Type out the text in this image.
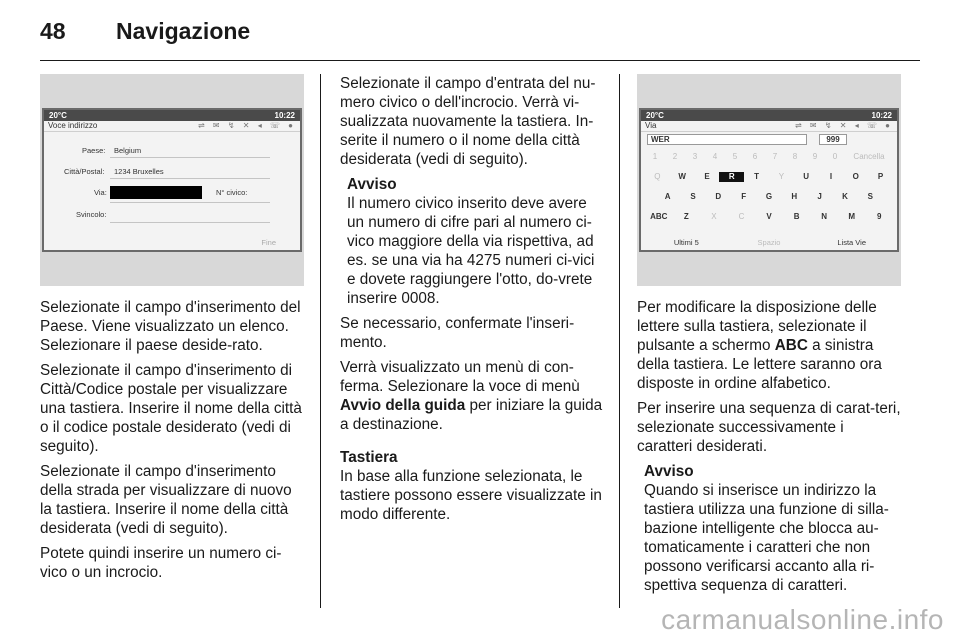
48	Navigazione
20°C	10:22
Voce indirizzo	⇌ ✉ ↯ ✕ ◂ ☏ ●
Paese: Belgium
Città/Postal: 1234 Bruxelles
Via:	N° civico:
Svincolo:
Fine

Selezionate il campo d'inserimento del Paese. Viene visualizzato un elenco. Selezionare il paese deside-rato.

Selezionate il campo d'inserimento di Città/Codice postale per visualizzare una tastiera. Inserire il nome della città o il codice postale desiderato (vedi di seguito).

Selezionate il campo d'inserimento della strada per visualizzare di nuovo la tastiera. Inserire il nome della città desiderata (vedi di seguito).

Potete quindi inserire un numero ci-vico o un incrocio.

Selezionate il campo d'entrata del nu-mero civico o dell'incrocio. Verrà vi-sualizzata nuovamente la tastiera. In-serite il numero o il nome della città desiderata (vedi di seguito).

Avviso
Il numero civico inserito deve avere un numero di cifre pari al numero ci-vico maggiore della via rispettiva, ad es. se una via ha 4275 numeri ci-vici e dovete raggiungere l'otto, do-vrete inserire 0008.

Se necessario, confermate l'inseri-mento.

Verrà visualizzato un menù di con-ferma. Selezionare la voce di menù Avvio della guida per iniziare la guida a destinazione.

Tastiera

In base alla funzione selezionata, le tastiere possono essere visualizzate in modo differente.

20°C	10:22
Via	⇌ ✉ ↯ ✕ ◂ ☏ ●
WER	999
1	2	3	4	5	6	7	8	9	0	Cancella
Q	W	E	R	T	Y	U	I	O	P
A	S	D	F	G	H	J	K	S
ABC	Z	X	C	V	B	N	M	9
Ultimi 5	Spazio	Lista Vie

Per modificare la disposizione delle lettere sulla tastiera, selezionate il pulsante a schermo ABC a sinistra della tastiera. Le lettere saranno ora disposte in ordine alfabetico.

Per inserire una sequenza di carat-teri, selezionate successivamente i caratteri desiderati.

Avviso
Quando si inserisce un indirizzo la tastiera utilizza una funzione di silla-bazione intelligente che blocca au-tomaticamente i caratteri che non possono verificarsi accanto alla ri-spettiva sequenza di caratteri.
carmanualsonline.info
